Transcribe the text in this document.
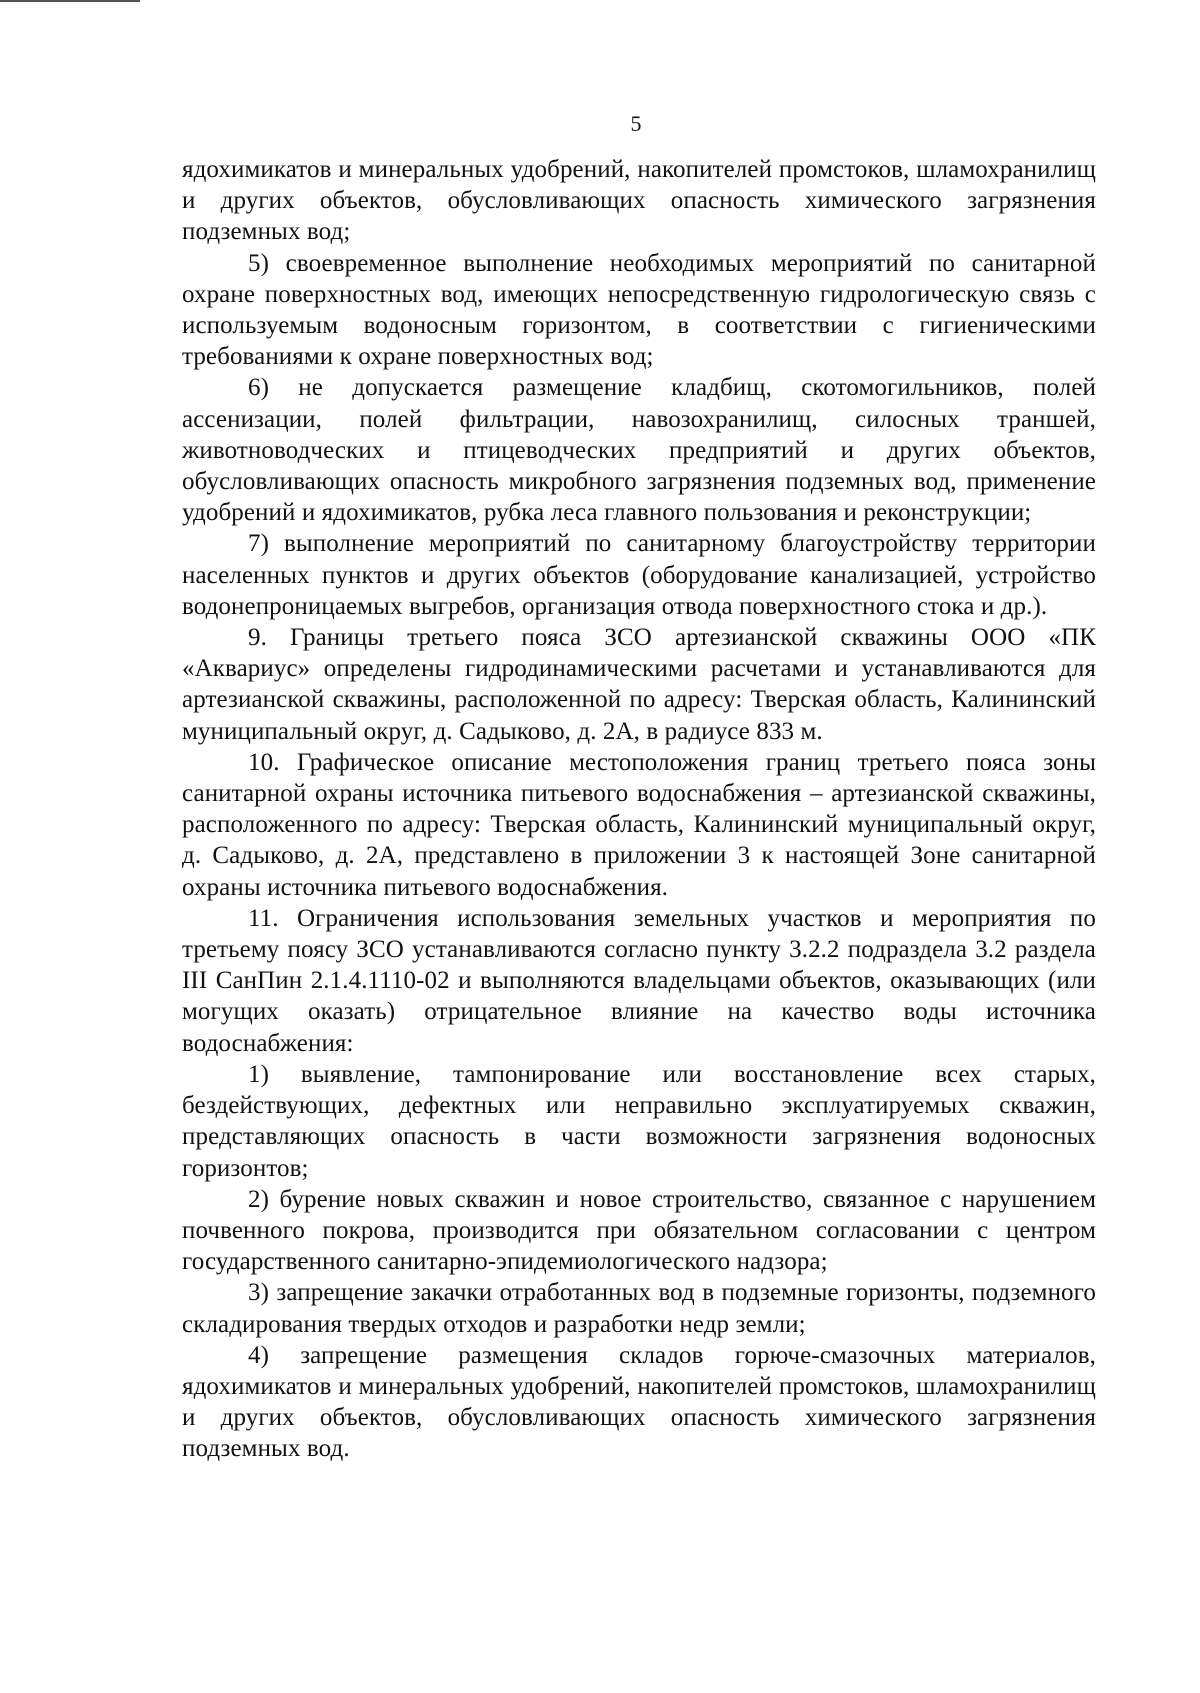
5

ядохимикатов и минеральных удобрений, накопителей промстоков, шламохранилищ и других объектов, обусловливающих опасность химического загрязнения подземных вод;

5) своевременное выполнение необходимых мероприятий по санитарной охране поверхностных вод, имеющих непосредственную гидрологическую связь с используемым водоносным горизонтом, в соответствии с гигиеническими требованиями к охране поверхностных вод;

6) не допускается размещение кладбищ, скотомогильников, полей ассенизации, полей фильтрации, навозохранилищ, силосных траншей, животноводческих и птицеводческих предприятий и других объектов, обусловливающих опасность микробного загрязнения подземных вод, применение удобрений и ядохимикатов, рубка леса главного пользования и реконструкции;

7) выполнение мероприятий по санитарному благоустройству территории населенных пунктов и других объектов (оборудование канализацией, устройство водонепроницаемых выгребов, организация отвода поверхностного стока и др.).

9. Границы третьего пояса ЗСО артезианской скважины ООО «ПК «Аквариус» определены гидродинамическими расчетами и устанавливаются для артезианской скважины, расположенной по адресу: Тверская область, Калининский муниципальный округ, д. Садыково, д. 2А, в радиусе 833 м.

10. Графическое описание местоположения границ третьего пояса зоны санитарной охраны источника питьевого водоснабжения – артезианской скважины, расположенного по адресу: Тверская область, Калининский муниципальный округ, д. Садыково, д. 2А, представлено в приложении 3 к настоящей Зоне санитарной охраны источника питьевого водоснабжения.

11. Ограничения использования земельных участков и мероприятия по третьему поясу ЗСО устанавливаются согласно пункту 3.2.2 подраздела 3.2 раздела III СанПин 2.1.4.1110-02 и выполняются владельцами объектов, оказывающих (или могущих оказать) отрицательное влияние на качество воды источника водоснабжения:

1) выявление, тампонирование или восстановление всех старых, бездействующих, дефектных или неправильно эксплуатируемых скважин, представляющих опасность в части возможности загрязнения водоносных горизонтов;

2) бурение новых скважин и новое строительство, связанное с нарушением почвенного покрова, производится при обязательном согласовании с центром государственного санитарно-эпидемиологического надзора;

3) запрещение закачки отработанных вод в подземные горизонты, подземного складирования твердых отходов и разработки недр земли;

4) запрещение размещения складов горюче-смазочных материалов, ядохимикатов и минеральных удобрений, накопителей промстоков, шламохранилищ и других объектов, обусловливающих опасность химического загрязнения подземных вод.
